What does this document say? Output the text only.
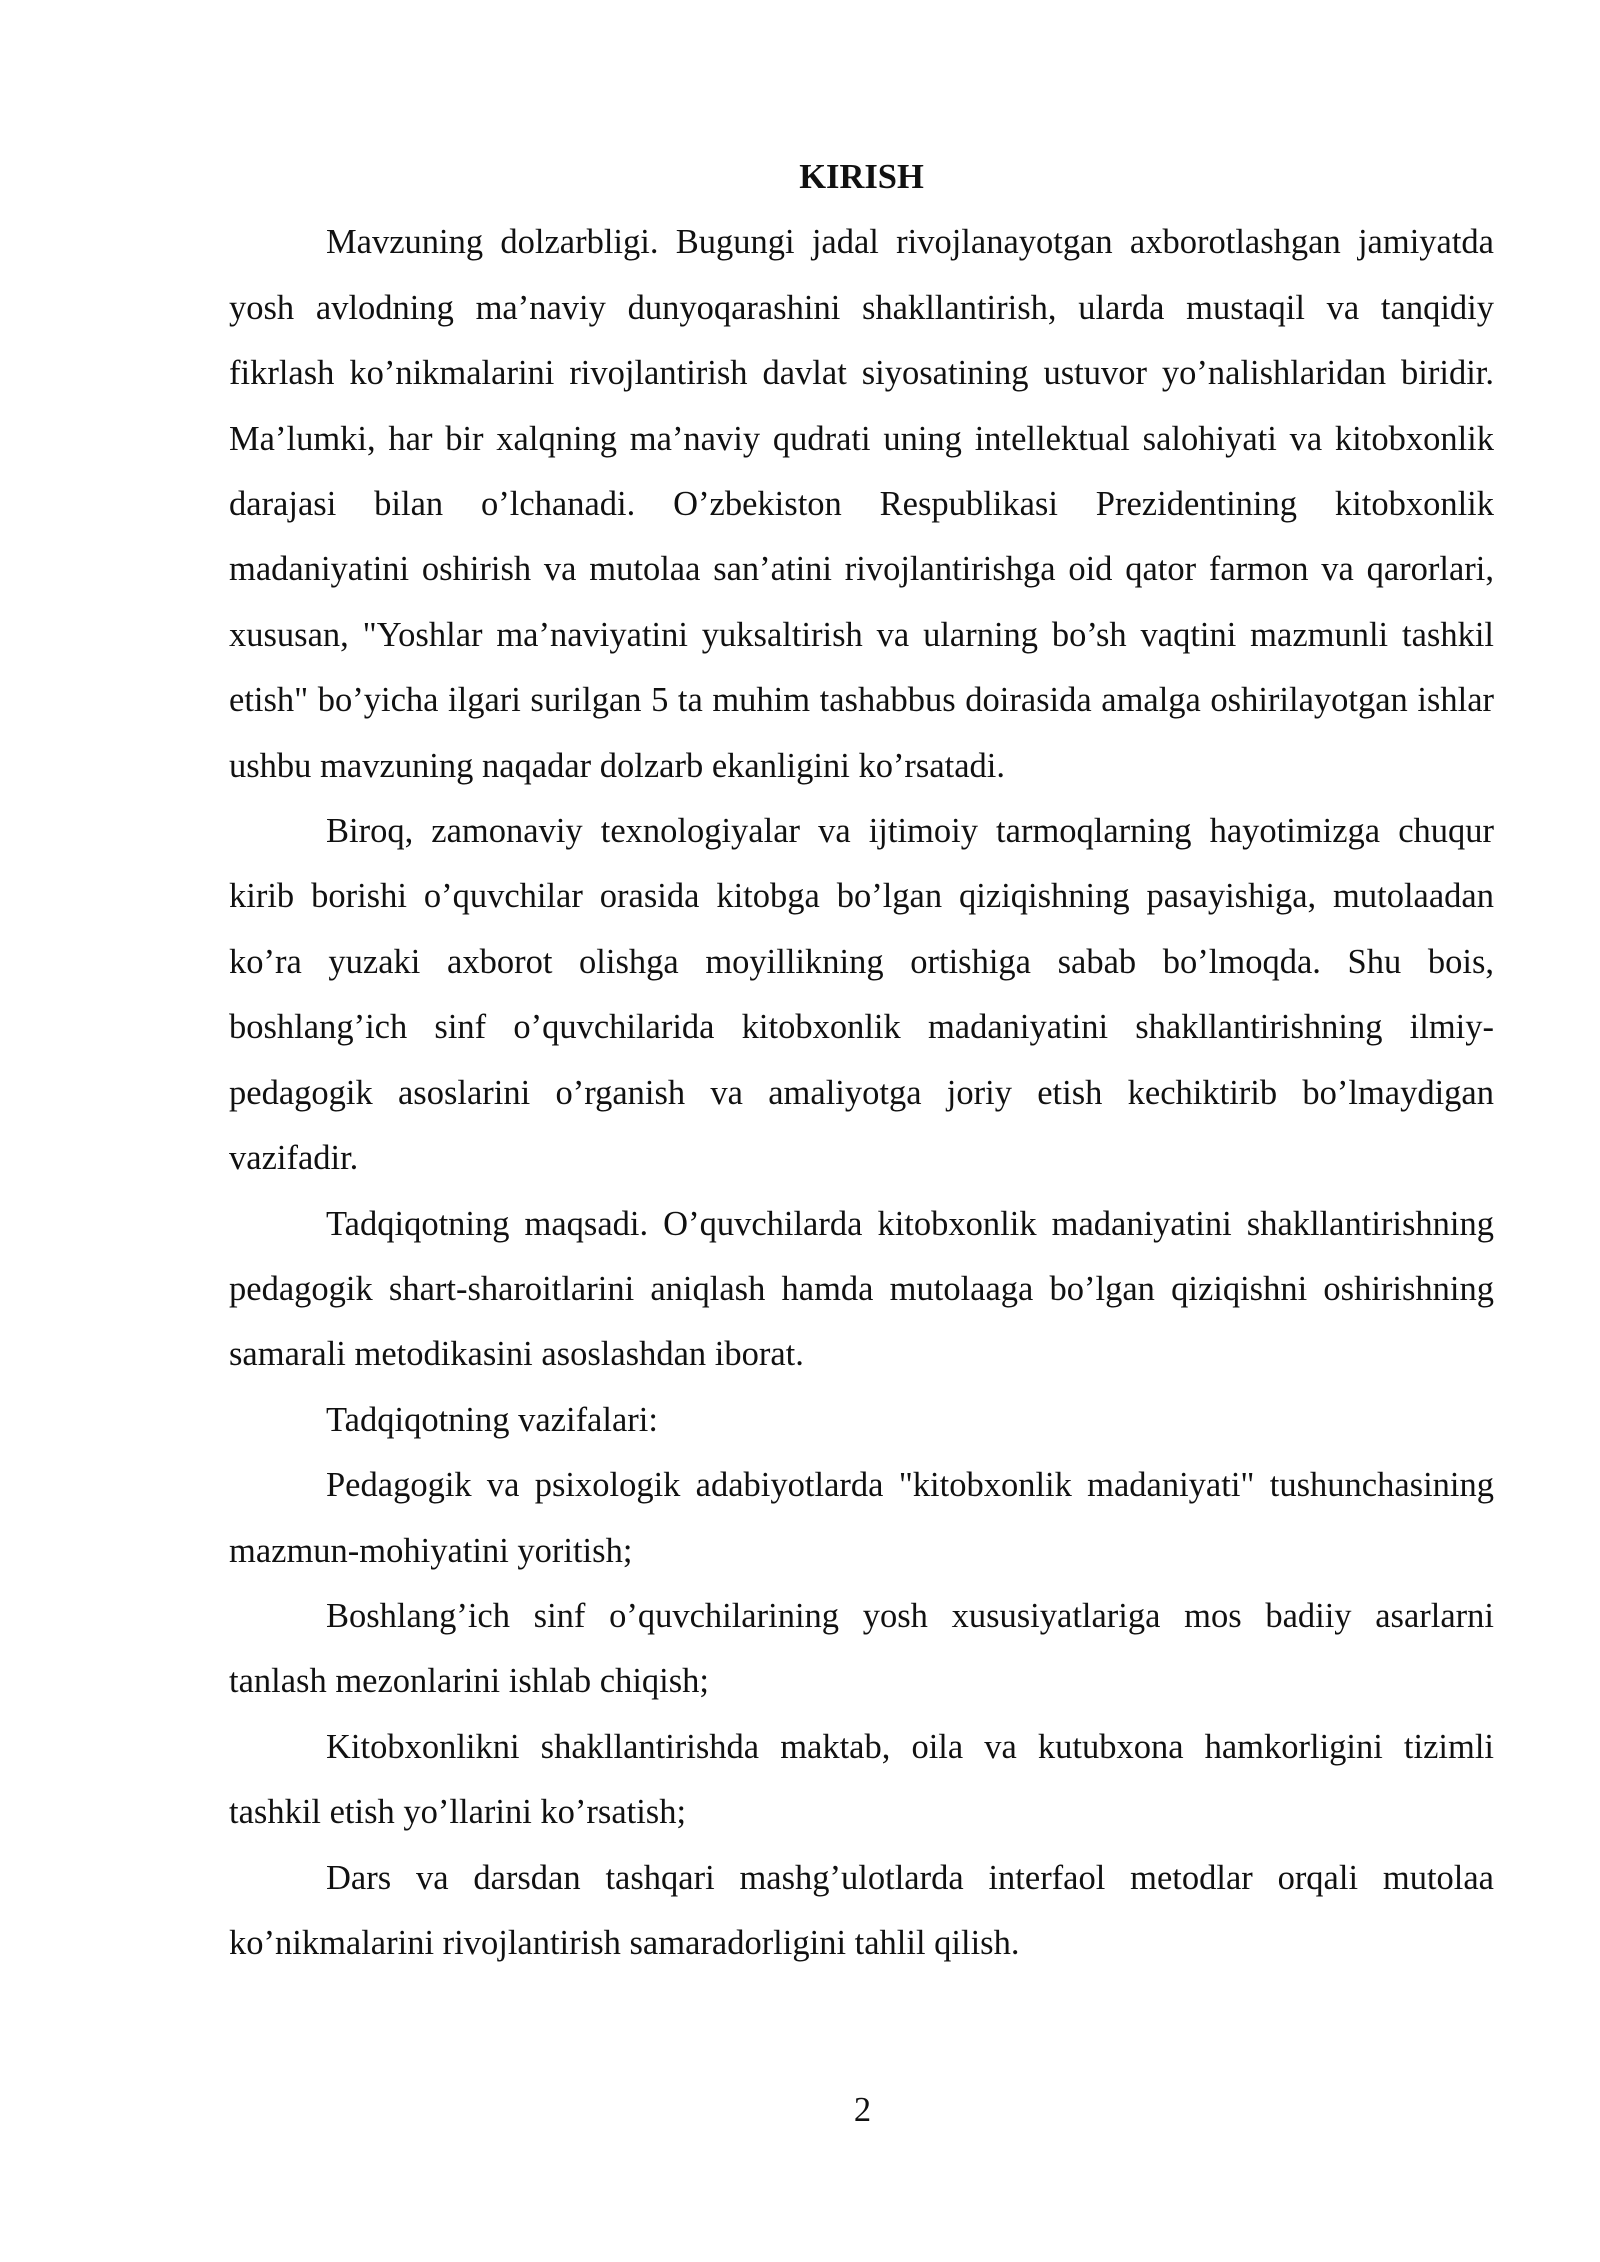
KIRISH

Mavzuning dolzarbligi. Bugungi jadal rivojlanayotgan axborotlashgan jamiyatda yosh avlodning ma’naviy dunyoqarashini shakllantirish, ularda mustaqil va tanqidiy fikrlash ko’nikmalarini rivojlantirish davlat siyosatining ustuvor yo’nalishlaridan biridir. Ma’lumki, har bir xalqning ma’naviy qudrati uning intellektual salohiyati va kitobxonlik darajasi bilan o’lchanadi. O’zbekiston Respublikasi Prezidentining kitobxonlik madaniyatini oshirish va mutolaa san’atini rivojlantirishga oid qator farmon va qarorlari, xususan, "Yoshlar ma’naviyatini yuksaltirish va ularning bo’sh vaqtini mazmunli tashkil etish" bo’yicha ilgari surilgan 5 ta muhim tashabbus doirasida amalga oshirilayotgan ishlar ushbu mavzuning naqadar dolzarb ekanligini ko’rsatadi.

Biroq, zamonaviy texnologiyalar va ijtimoiy tarmoqlarning hayotimizga chuqur kirib borishi o’quvchilar orasida kitobga bo’lgan qiziqishning pasayishiga, mutolaadan ko’ra yuzaki axborot olishga moyillikning ortishiga sabab bo’lmoqda. Shu bois, boshlang’ich sinf o’quvchilarida kitobxonlik madaniyatini shakllantirishning ilmiy-pedagogik asoslarini o’rganish va amaliyotga joriy etish kechiktirib bo’lmaydigan vazifadir.

Tadqiqotning maqsadi. O’quvchilarda kitobxonlik madaniyatini shakllantirishning pedagogik shart-sharoitlarini aniqlash hamda mutolaaga bo’lgan qiziqishni oshirishning samarali metodikasini asoslashdan iborat.

Tadqiqotning vazifalari:

Pedagogik va psixologik adabiyotlarda "kitobxonlik madaniyati" tushunchasining mazmun-mohiyatini yoritish;

Boshlang’ich sinf o’quvchilarining yosh xususiyatlariga mos badiiy asarlarni tanlash mezonlarini ishlab chiqish;

Kitobxonlikni shakllantirishda maktab, oila va kutubxona hamkorligini tizimli tashkil etish yo’llarini ko’rsatish;

Dars va darsdan tashqari mashg’ulotlarda interfaol metodlar orqali mutolaa ko’nikmalarini rivojlantirish samaradorligini tahlil qilish.

2
